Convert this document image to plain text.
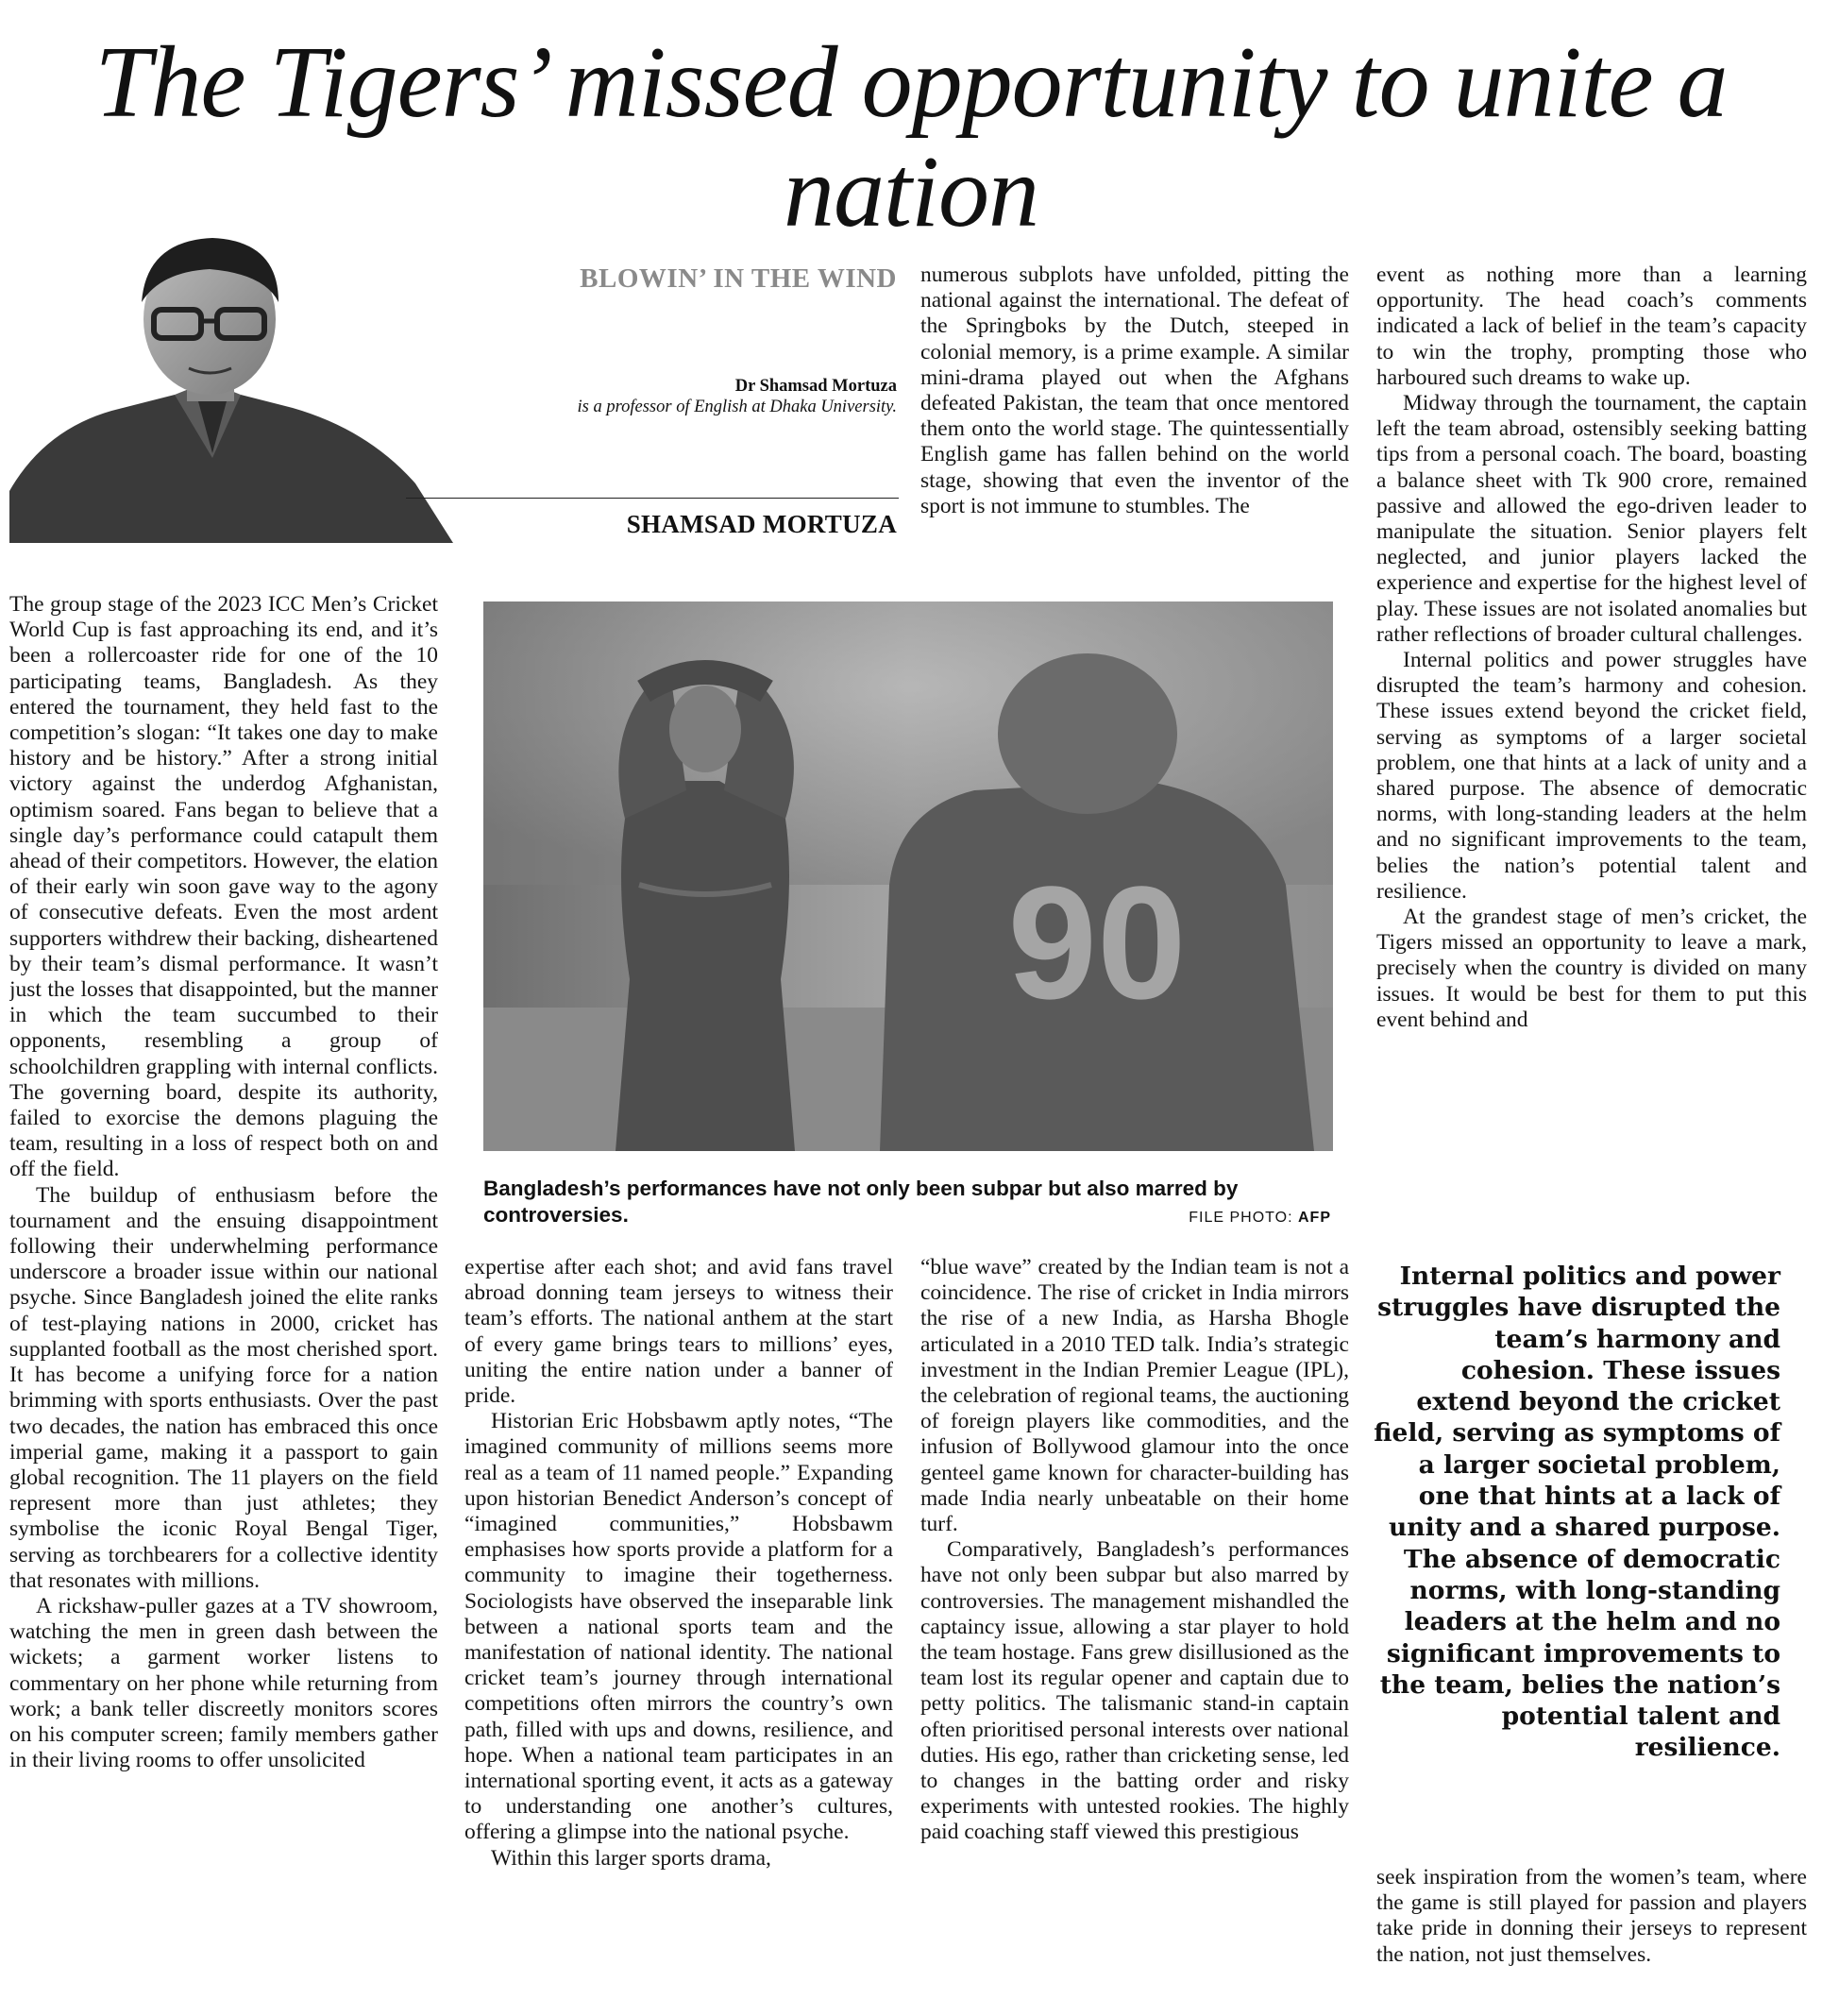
The Tigers’ missed opportunity to unite a nation
BLOWIN’ IN THE WIND
Dr Shamsad Mortuza
is a professor of English at Dhaka University.
SHAMSAD MORTUZA

The group stage of the 2023 ICC Men’s Cricket World Cup is fast approaching its end, and it’s been a rollercoaster ride for one of the 10 participating teams, Bangladesh. As they entered the tournament, they held fast to the competition’s slogan: “It takes one day to make history and be history.” After a strong initial victory against the underdog Afghanistan, optimism soared. Fans began to believe that a single day’s performance could catapult them ahead of their competitors. However, the elation of their early win soon gave way to the agony of consecutive defeats. Even the most ardent supporters withdrew their backing, disheartened by their team’s dismal performance. It wasn’t just the losses that disappointed, but the manner in which the team succumbed to their opponents, resembling a group of schoolchildren grappling with internal conflicts. The governing board, despite its authority, failed to exorcise the demons plaguing the team, resulting in a loss of respect both on and off the field.

The buildup of enthusiasm before the tournament and the ensuing disappointment following their underwhelming performance underscore a broader issue within our national psyche. Since Bangladesh joined the elite ranks of test-playing nations in 2000, cricket has supplanted football as the most cherished sport. It has become a unifying force for a nation brimming with sports enthusiasts. Over the past two decades, the nation has embraced this once imperial game, making it a passport to gain global recognition. The 11 players on the field represent more than just athletes; they symbolise the iconic Royal Bengal Tiger, serving as torchbearers for a collective identity that resonates with millions.

A rickshaw-puller gazes at a TV showroom, watching the men in green dash between the wickets; a garment worker listens to commentary on her phone while returning from work; a bank teller discreetly monitors scores on his computer screen; family members gather in their living rooms to offer unsolicited

90
Bangladesh’s performances have not only been subpar but also marred by controversies.	FILE PHOTO: AFP

expertise after each shot; and avid fans travel abroad donning team jerseys to witness their team’s efforts. The national anthem at the start of every game brings tears to millions’ eyes, uniting the entire nation under a banner of pride.

Historian Eric Hobsbawm aptly notes, “The imagined community of millions seems more real as a team of 11 named people.” Expanding upon historian Benedict Anderson’s concept of “imagined communities,” Hobsbawm emphasises how sports provide a platform for a community to imagine their togetherness. Sociologists have observed the inseparable link between a national sports team and the manifestation of national identity. The national cricket team’s journey through international competitions often mirrors the country’s own path, filled with ups and downs, resilience, and hope. When a national team participates in an international sporting event, it acts as a gateway to understanding one another’s cultures, offering a glimpse into the national psyche.

Within this larger sports drama,

numerous subplots have unfolded, pitting the national against the international. The defeat of the Springboks by the Dutch, steeped in colonial memory, is a prime example. A similar mini-drama played out when the Afghans defeated Pakistan, the team that once mentored them onto the world stage. The quintessentially English game has fallen behind on the world stage, showing that even the inventor of the sport is not immune to stumbles. The

“blue wave” created by the Indian team is not a coincidence. The rise of cricket in India mirrors the rise of a new India, as Harsha Bhogle articulated in a 2010 TED talk. India’s strategic investment in the Indian Premier League (IPL), the celebration of regional teams, the auctioning of foreign players like commodities, and the infusion of Bollywood glamour into the once genteel game known for character-building has made India nearly unbeatable on their home turf.

Comparatively, Bangladesh’s performances have not only been subpar but also marred by controversies. The management mishandled the captaincy issue, allowing a star player to hold the team hostage. Fans grew disillusioned as the team lost its regular opener and captain due to petty politics. The talismanic stand-in captain often prioritised personal interests over national duties. His ego, rather than cricketing sense, led to changes in the batting order and risky experiments with untested rookies. The highly paid coaching staff viewed this prestigious

event as nothing more than a learning opportunity. The head coach’s comments indicated a lack of belief in the team’s capacity to win the trophy, prompting those who harboured such dreams to wake up.

Midway through the tournament, the captain left the team abroad, ostensibly seeking batting tips from a personal coach. The board, boasting a balance sheet with Tk 900 crore, remained passive and allowed the ego-driven leader to manipulate the situation. Senior players felt neglected, and junior players lacked the experience and expertise for the highest level of play. These issues are not isolated anomalies but rather reflections of broader cultural challenges.

Internal politics and power struggles have disrupted the team’s harmony and cohesion. These issues extend beyond the cricket field, serving as symptoms of a larger societal problem, one that hints at a lack of unity and a shared purpose. The absence of democratic norms, with long-standing leaders at the helm and no significant improvements to the team, belies the nation’s potential talent and resilience.

At the grandest stage of men’s cricket, the Tigers missed an opportunity to leave a mark, precisely when the country is divided on many issues. It would be best for them to put this event behind and

Internal politics and power struggles have disrupted the team’s harmony and cohesion. These issues extend beyond the cricket field, serving as symptoms of a larger societal problem, one that hints at a lack of unity and a shared purpose. The absence of democratic norms, with long-standing leaders at the helm and no significant improvements to the team, belies the nation’s potential talent and resilience.

seek inspiration from the women’s team, where the game is still played for passion and players take pride in donning their jerseys to represent the nation, not just themselves.
